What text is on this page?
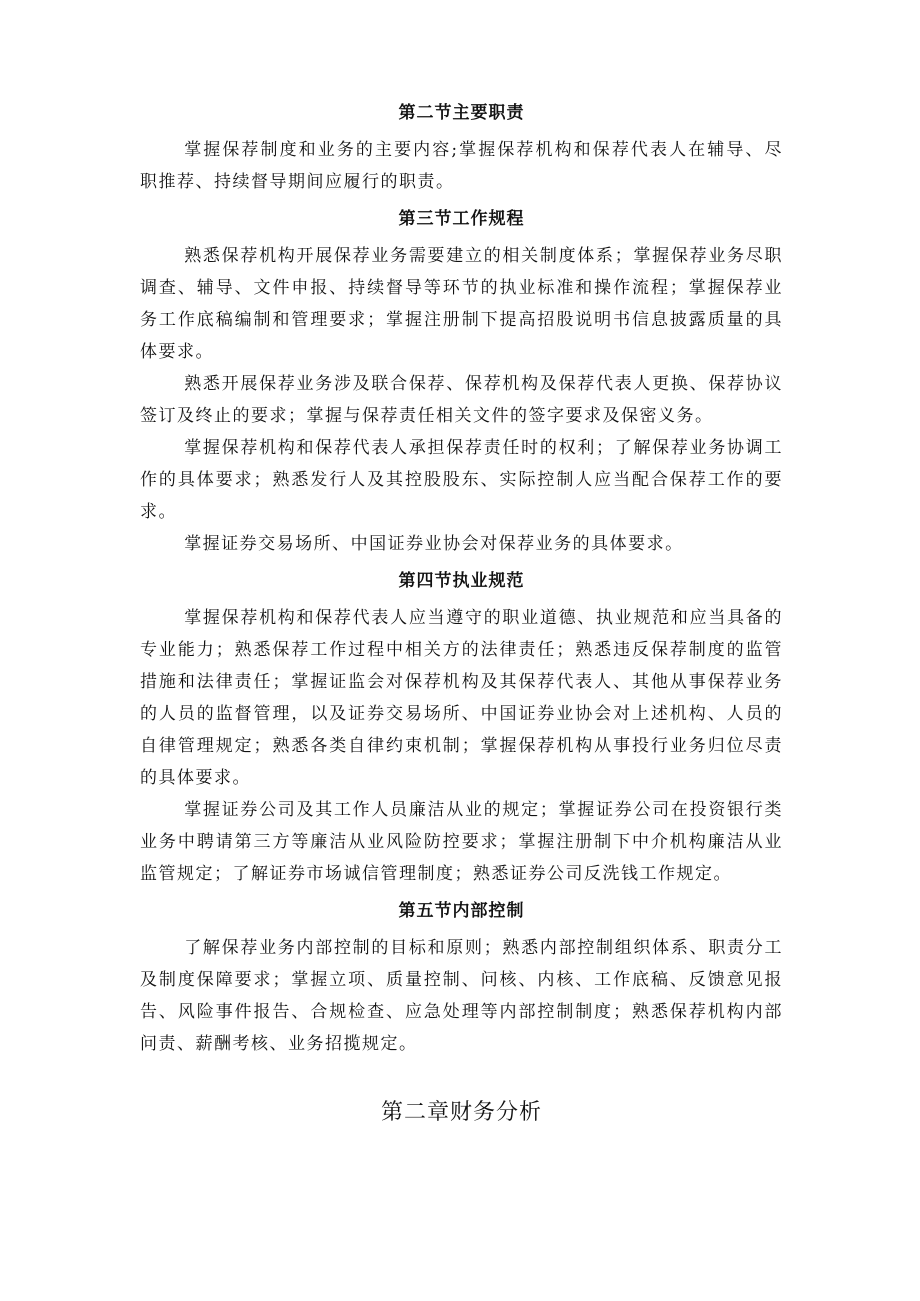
第二节主要职责

掌握保荐制度和业务的主要内容;掌握保荐机构和保荐代表人在辅导、尽职推荐、持续督导期间应履行的职责。

第三节工作规程

熟悉保荐机构开展保荐业务需要建立的相关制度体系；掌握保荐业务尽职调查、辅导、文件申报、持续督导等环节的执业标准和操作流程；掌握保荐业务工作底稿编制和管理要求；掌握注册制下提高招股说明书信息披露质量的具体要求。

熟悉开展保荐业务涉及联合保荐、保荐机构及保荐代表人更换、保荐协议签订及终止的要求；掌握与保荐责任相关文件的签字要求及保密义务。

掌握保荐机构和保荐代表人承担保荐责任时的权利；了解保荐业务协调工作的具体要求；熟悉发行人及其控股股东、实际控制人应当配合保荐工作的要求。

掌握证券交易场所、中国证券业协会对保荐业务的具体要求。

第四节执业规范

掌握保荐机构和保荐代表人应当遵守的职业道德、执业规范和应当具备的专业能力；熟悉保荐工作过程中相关方的法律责任；熟悉违反保荐制度的监管措施和法律责任；掌握证监会对保荐机构及其保荐代表人、其他从事保荐业务的人员的监督管理，以及证券交易场所、中国证券业协会对上述机构、人员的自律管理规定；熟悉各类自律约束机制；掌握保荐机构从事投行业务归位尽责的具体要求。

掌握证券公司及其工作人员廉洁从业的规定；掌握证券公司在投资银行类业务中聘请第三方等廉洁从业风险防控要求；掌握注册制下中介机构廉洁从业监管规定；了解证券市场诚信管理制度；熟悉证券公司反洗钱工作规定。

第五节内部控制

了解保荐业务内部控制的目标和原则；熟悉内部控制组织体系、职责分工及制度保障要求；掌握立项、质量控制、问核、内核、工作底稿、反馈意见报告、风险事件报告、合规检查、应急处理等内部控制制度；熟悉保荐机构内部问责、薪酬考核、业务招揽规定。

第二章财务分析
